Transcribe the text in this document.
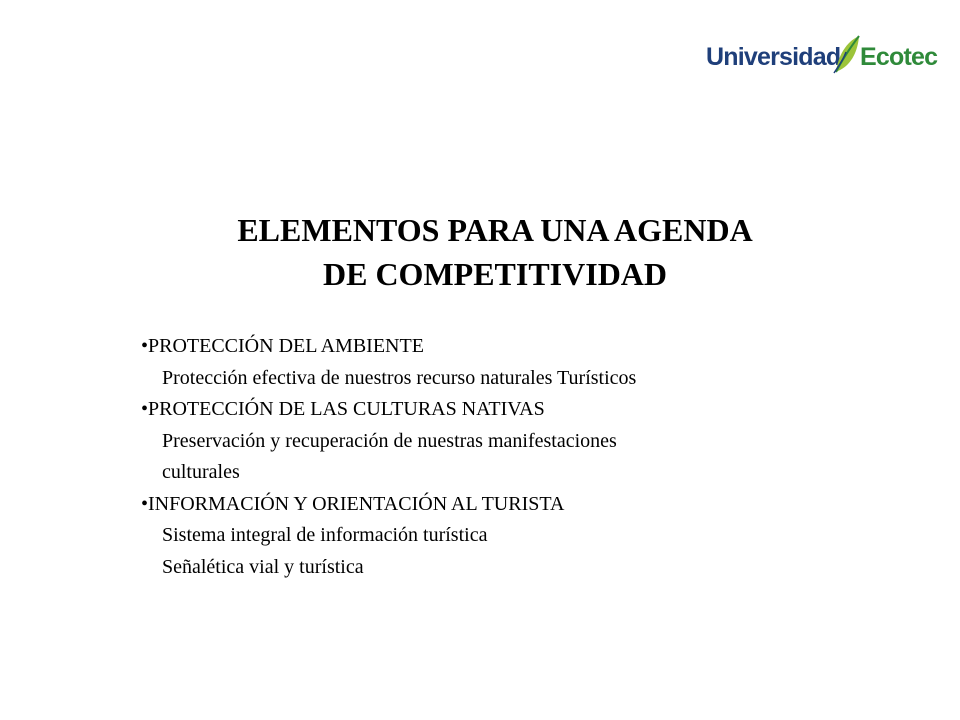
Universidad Ecotec
ELEMENTOS PARA UNA AGENDA
DE COMPETITIVIDAD
•PROTECCIÓN DEL AMBIENTE
Protección efectiva de nuestros recurso naturales Turísticos
•PROTECCIÓN DE LAS CULTURAS NATIVAS
Preservación y recuperación de nuestras manifestaciones
culturales
•INFORMACIÓN Y ORIENTACIÓN AL TURISTA
Sistema integral de información turística
Señalética vial y turística
